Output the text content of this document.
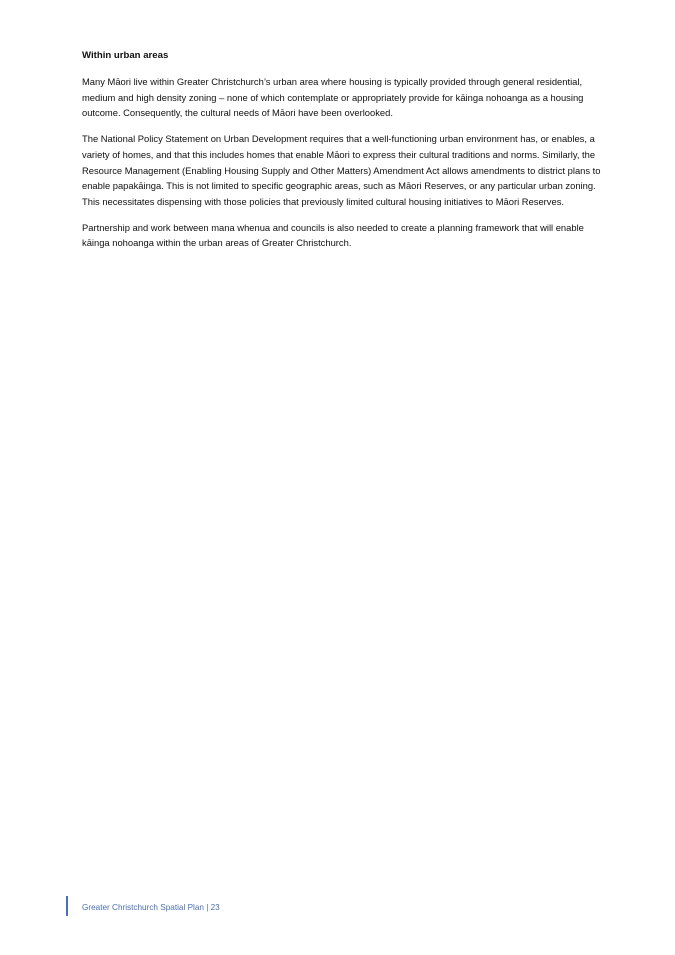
Within urban areas

Many Māori live within Greater Christchurch’s urban area where housing is typically provided through general residential, medium and high density zoning – none of which contemplate or appropriately provide for kāinga nohoanga as a housing outcome. Consequently, the cultural needs of Māori have been overlooked.

The National Policy Statement on Urban Development requires that a well-functioning urban environment has, or enables, a variety of homes, and that this includes homes that enable Māori to express their cultural traditions and norms. Similarly, the Resource Management (Enabling Housing Supply and Other Matters) Amendment Act allows amendments to district plans to enable papakāinga. This is not limited to specific geographic areas, such as Māori Reserves, or any particular urban zoning. This necessitates dispensing with those policies that previously limited cultural housing initiatives to Māori Reserves.

Partnership and work between mana whenua and councils is also needed to create a planning framework that will enable kāinga nohoanga within the urban areas of Greater Christchurch.

Greater Christchurch Spatial Plan | 23
